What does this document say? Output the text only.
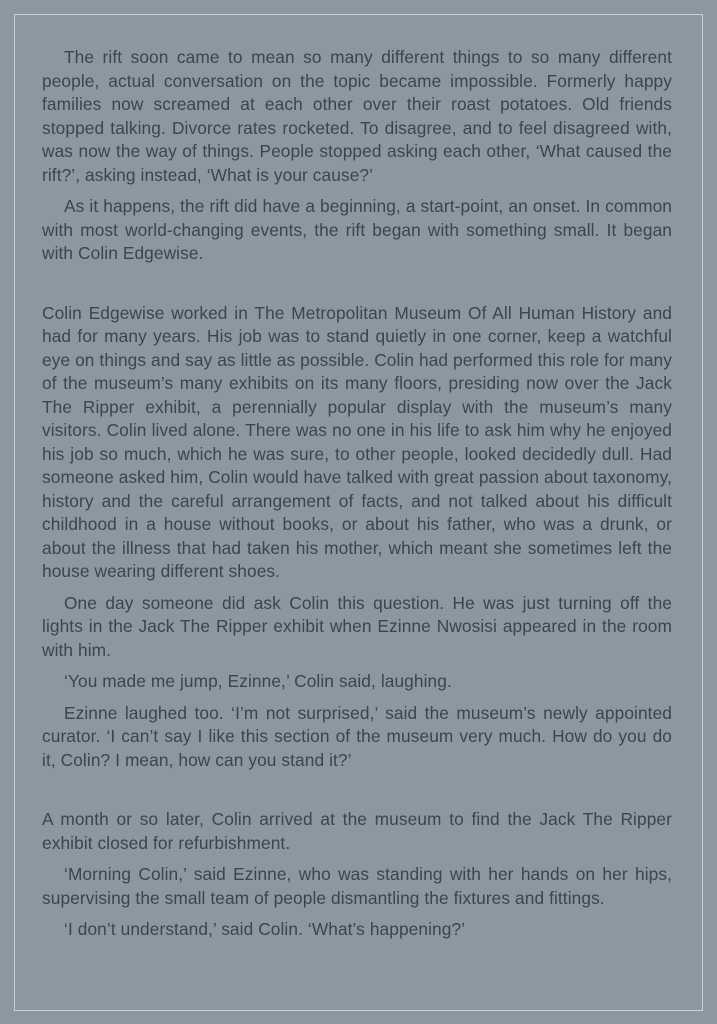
The rift soon came to mean so many different things to so many different people, actual conversation on the topic became impossible. Formerly happy families now screamed at each other over their roast potatoes. Old friends stopped talking. Divorce rates rocketed. To disagree, and to feel disagreed with, was now the way of things. People stopped asking each other, ‘What caused the rift?’, asking instead, ‘What is your cause?’

As it happens, the rift did have a beginning, a start-point, an onset. In common with most world-changing events, the rift began with something small. It began with Colin Edgewise.

Colin Edgewise worked in The Metropolitan Museum Of All Human History and had for many years. His job was to stand quietly in one corner, keep a watchful eye on things and say as little as possible. Colin had performed this role for many of the museum’s many exhibits on its many floors, presiding now over the Jack The Ripper exhibit, a perennially popular display with the museum’s many visitors. Colin lived alone. There was no one in his life to ask him why he enjoyed his job so much, which he was sure, to other people, looked decidedly dull. Had someone asked him, Colin would have talked with great passion about taxonomy, history and the careful arrangement of facts, and not talked about his difficult childhood in a house without books, or about his father, who was a drunk, or about the illness that had taken his mother, which meant she sometimes left the house wearing different shoes.

One day someone did ask Colin this question. He was just turning off the lights in the Jack The Ripper exhibit when Ezinne Nwosisi appeared in the room with him.

‘You made me jump, Ezinne,’ Colin said, laughing.

Ezinne laughed too. ‘I’m not surprised,’ said the museum’s newly appointed curator. ‘I can’t say I like this section of the museum very much. How do you do it, Colin? I mean, how can you stand it?’

A month or so later, Colin arrived at the museum to find the Jack The Ripper exhibit closed for refurbishment.

‘Morning Colin,’ said Ezinne, who was standing with her hands on her hips, supervising the small team of people dismantling the fixtures and fittings.

‘I don’t understand,’ said Colin. ‘What’s happening?’
